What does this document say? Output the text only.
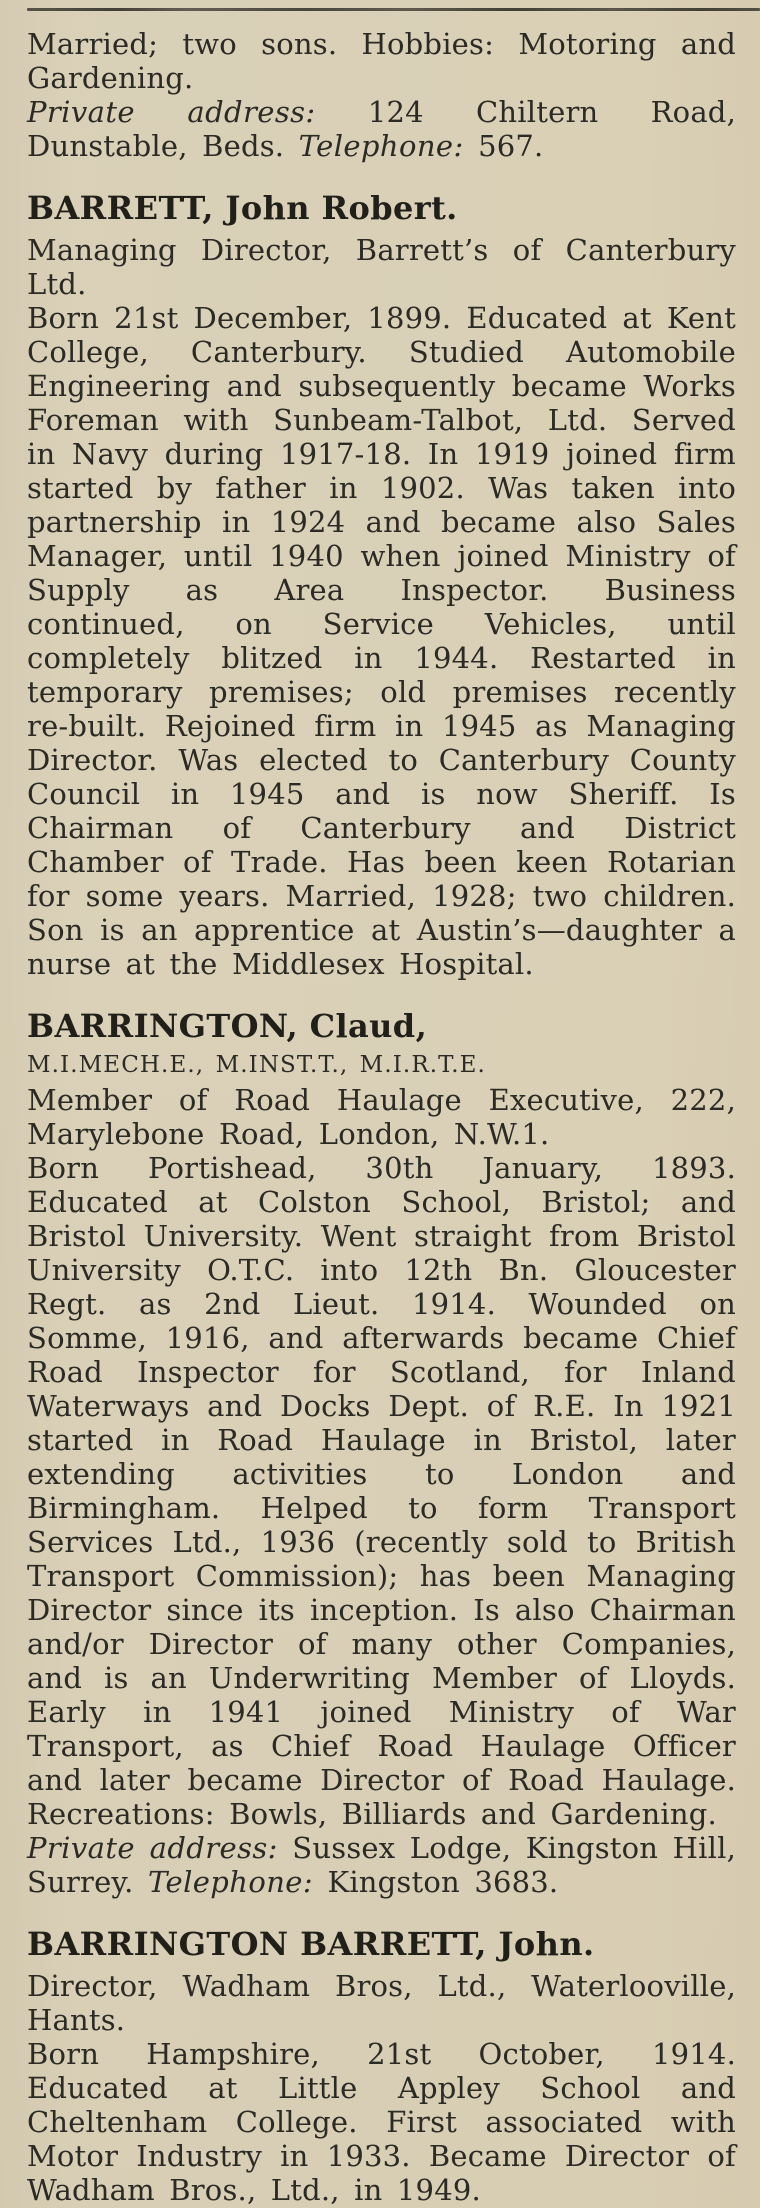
Married; two sons. Hobbies: Motoring and Gardening.

Private address: 124 Chiltern Road, Dunstable, Beds. Telephone: 567.

BARRETT, John Robert.

Managing Director, Barrett’s of Canterbury Ltd.

Born 21st December, 1899. Educated at Kent College, Canterbury. Studied Automobile Engineering and subsequently became Works Foreman with Sunbeam-Talbot, Ltd. Served in Navy during 1917-18. In 1919 joined firm started by father in 1902. Was taken into partnership in 1924 and became also Sales Manager, until 1940 when joined Ministry of Supply as Area Inspector. Business continued, on Service Vehicles, until completely blitzed in 1944. Restarted in temporary premises; old premises recently re-built. Rejoined firm in 1945 as Managing Director. Was elected to Canterbury County Council in 1945 and is now Sheriff. Is Chairman of Canterbury and District Chamber of Trade. Has been keen Rotarian for some years. Married, 1928; two children. Son is an apprentice at Austin’s—daughter a nurse at the Middlesex Hospital.

BARRINGTON, Claud,

M.I.MECH.E., M.INST.T., M.I.R.T.E.

Member of Road Haulage Executive, 222, Marylebone Road, London, N.W.1.

Born Portishead, 30th January, 1893. Educated at Colston School, Bristol; and Bristol University. Went straight from Bristol University O.T.C. into 12th Bn. Gloucester Regt. as 2nd Lieut. 1914. Wounded on Somme, 1916, and afterwards became Chief Road Inspector for Scotland, for Inland Waterways and Docks Dept. of R.E. In 1921 started in Road Haulage in Bristol, later extending activities to London and Birmingham. Helped to form Transport Services Ltd., 1936 (recently sold to British Transport Commission); has been Managing Director since its inception. Is also Chairman and/or Director of many other Companies, and is an Underwriting Member of Lloyds. Early in 1941 joined Ministry of War Transport, as Chief Road Haulage Officer and later became Director of Road Haulage. Recreations: Bowls, Billiards and Gardening.

Private address: Sussex Lodge, Kingston Hill, Surrey. Telephone: Kingston 3683.

BARRINGTON BARRETT, John.

Director, Wadham Bros, Ltd., Waterlooville, Hants.

Born Hampshire, 21st October, 1914. Educated at Little Appley School and Cheltenham College. First associated with Motor Industry in 1933. Became Director of Wadham Bros., Ltd., in 1949.
